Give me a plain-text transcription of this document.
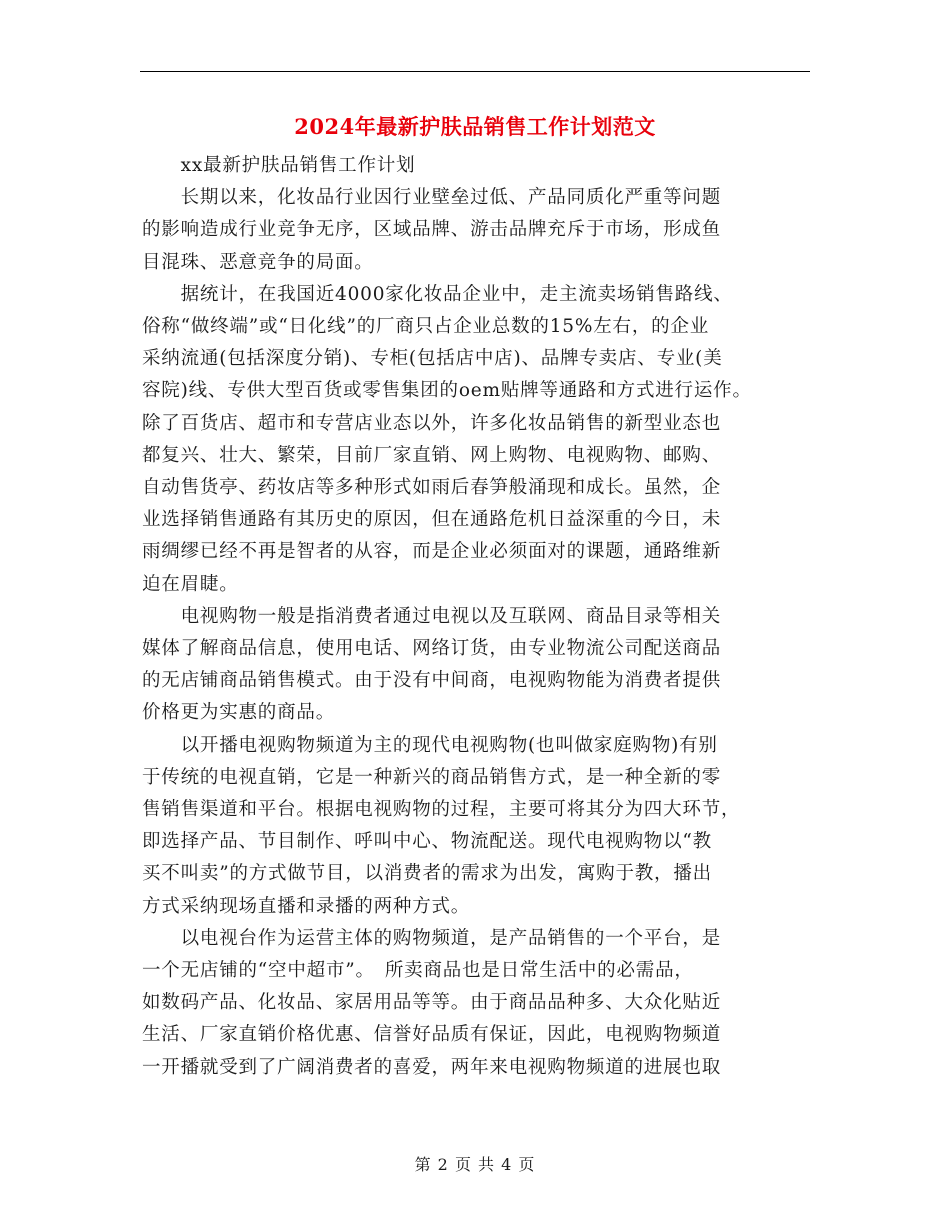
2024年最新护肤品销售工作计划范文

　　xx最新护肤品销售工作计划

　　长期以来，化妆品行业因行业壁垒过低、产品同质化严重等问题
的影响造成行业竞争无序，区域品牌、游击品牌充斥于市场，形成鱼
目混珠、恶意竞争的局面。

　　据统计，在我国近4000家化妆品企业中，走主流卖场销售路线、
俗称“做终端”或“日化线”的厂商只占企业总数的15%左右，的企业
采纳流通(包括深度分销)、专柜(包括店中店)、品牌专卖店、专业(美
容院)线、专供大型百货或零售集团的oem贴牌等通路和方式进行运作。
除了百货店、超市和专营店业态以外，许多化妆品销售的新型业态也
都复兴、壮大、繁荣，目前厂家直销、网上购物、电视购物、邮购、
自动售货亭、药妆店等多种形式如雨后春笋般涌现和成长。虽然，企
业选择销售通路有其历史的原因，但在通路危机日益深重的今日，未
雨绸缪已经不再是智者的从容，而是企业必须面对的课题，通路维新
迫在眉睫。

　　电视购物一般是指消费者通过电视以及互联网、商品目录等相关
媒体了解商品信息，使用电话、网络订货，由专业物流公司配送商品
的无店铺商品销售模式。由于没有中间商，电视购物能为消费者提供
价格更为实惠的商品。

　　以开播电视购物频道为主的现代电视购物(也叫做家庭购物)有别
于传统的电视直销，它是一种新兴的商品销售方式，是一种全新的零
售销售渠道和平台。根据电视购物的过程，主要可将其分为四大环节，
即选择产品、节目制作、呼叫中心、物流配送。现代电视购物以“教
买不叫卖”的方式做节目，以消费者的需求为出发，寓购于教，播出
方式采纳现场直播和录播的两种方式。

　　以电视台作为运营主体的购物频道，是产品销售的一个平台，是
一个无店铺的“空中超市”。　所卖商品也是日常生活中的必需品，
如数码产品、化妆品、家居用品等等。由于商品品种多、大众化贴近
生活、厂家直销价格优惠、信誉好品质有保证，因此，电视购物频道
一开播就受到了广阔消费者的喜爱，两年来电视购物频道的进展也取

第 2 页 共 4 页
